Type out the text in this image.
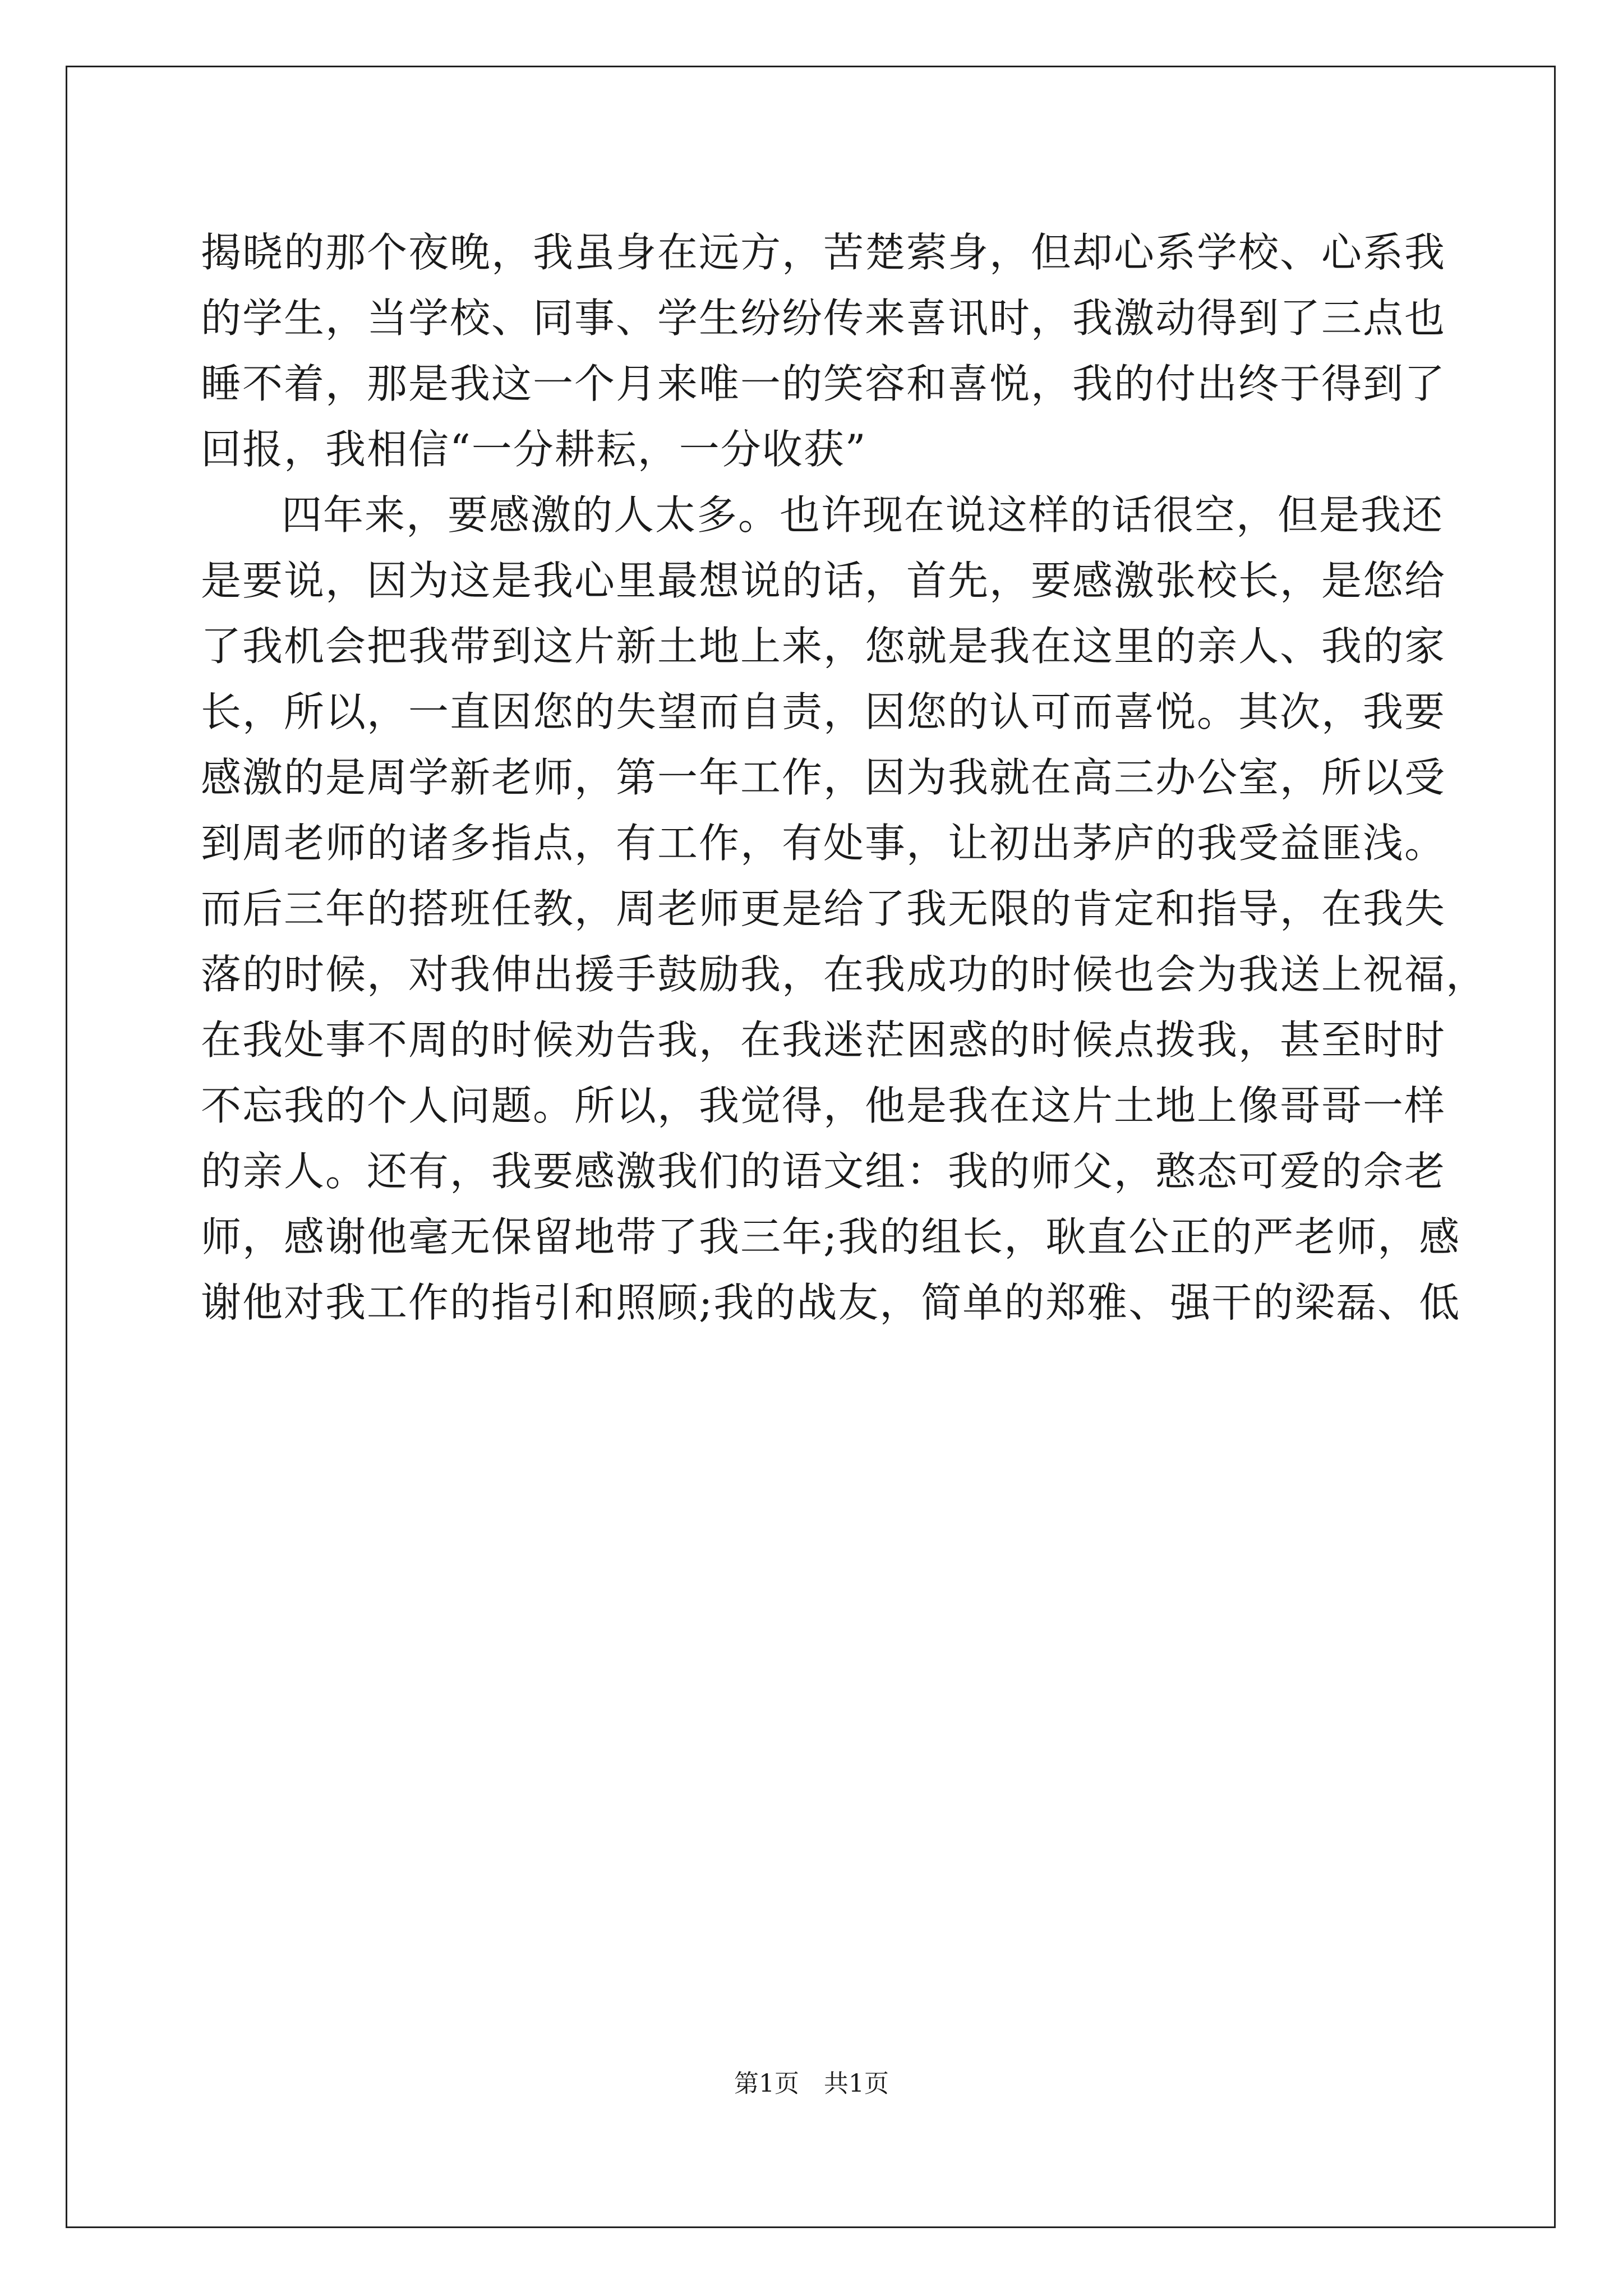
揭晓的那个夜晚，我虽身在远方，苦楚萦身，但却心系学校、心系我
的学生，当学校、同事、学生纷纷传来喜讯时，我激动得到了三点也
睡不着，那是我这一个月来唯一的笑容和喜悦，我的付出终于得到了
回报，我相信“一分耕耘，一分收获”
四年来，要感激的人太多。也许现在说这样的话很空，但是我还
是要说，因为这是我心里最想说的话，首先，要感激张校长，是您给
了我机会把我带到这片新土地上来，您就是我在这里的亲人、我的家
长，所以，一直因您的失望而自责，因您的认可而喜悦。其次，我要
感激的是周学新老师，第一年工作，因为我就在高三办公室，所以受
到周老师的诸多指点，有工作，有处事，让初出茅庐的我受益匪浅。
而后三年的搭班任教，周老师更是给了我无限的肯定和指导，在我失
落的时候，对我伸出援手鼓励我，在我成功的时候也会为我送上祝福，
在我处事不周的时候劝告我，在我迷茫困惑的时候点拨我，甚至时时
不忘我的个人问题。所以，我觉得，他是我在这片土地上像哥哥一样
的亲人。还有，我要感激我们的语文组：我的师父，憨态可爱的佘老
师，感谢他毫无保留地带了我三年;我的组长，耿直公正的严老师，感
谢他对我工作的指引和照顾;我的战友，简单的郑雅、强干的梁磊、低
第1页 共1页
